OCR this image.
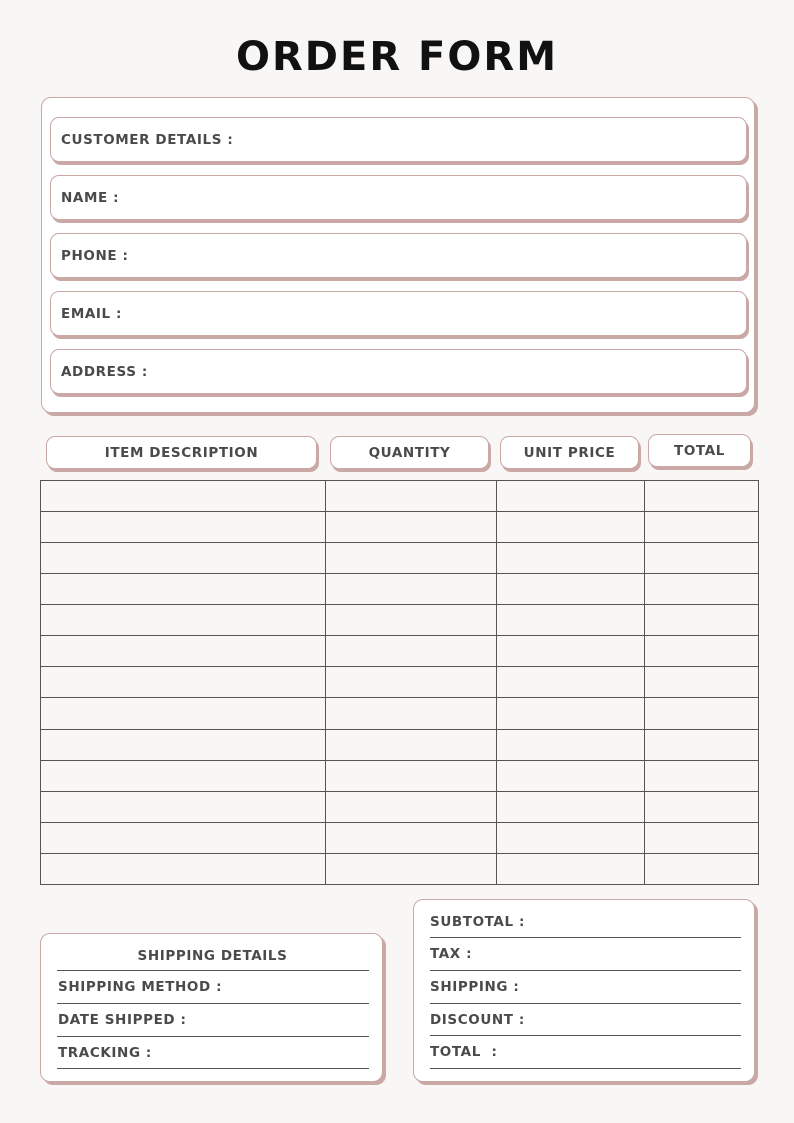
ORDER FORM
CUSTOMER DETAILS :
NAME :
PHONE :
EMAIL :
ADDRESS :
ITEM DESCRIPTION	QUANTITY	UNIT PRICE	TOTAL

SHIPPING DETAILS
SHIPPING METHOD :
DATE SHIPPED :
TRACKING :
SUBTOTAL :
TAX :
SHIPPING :
DISCOUNT :
TOTAL  :
